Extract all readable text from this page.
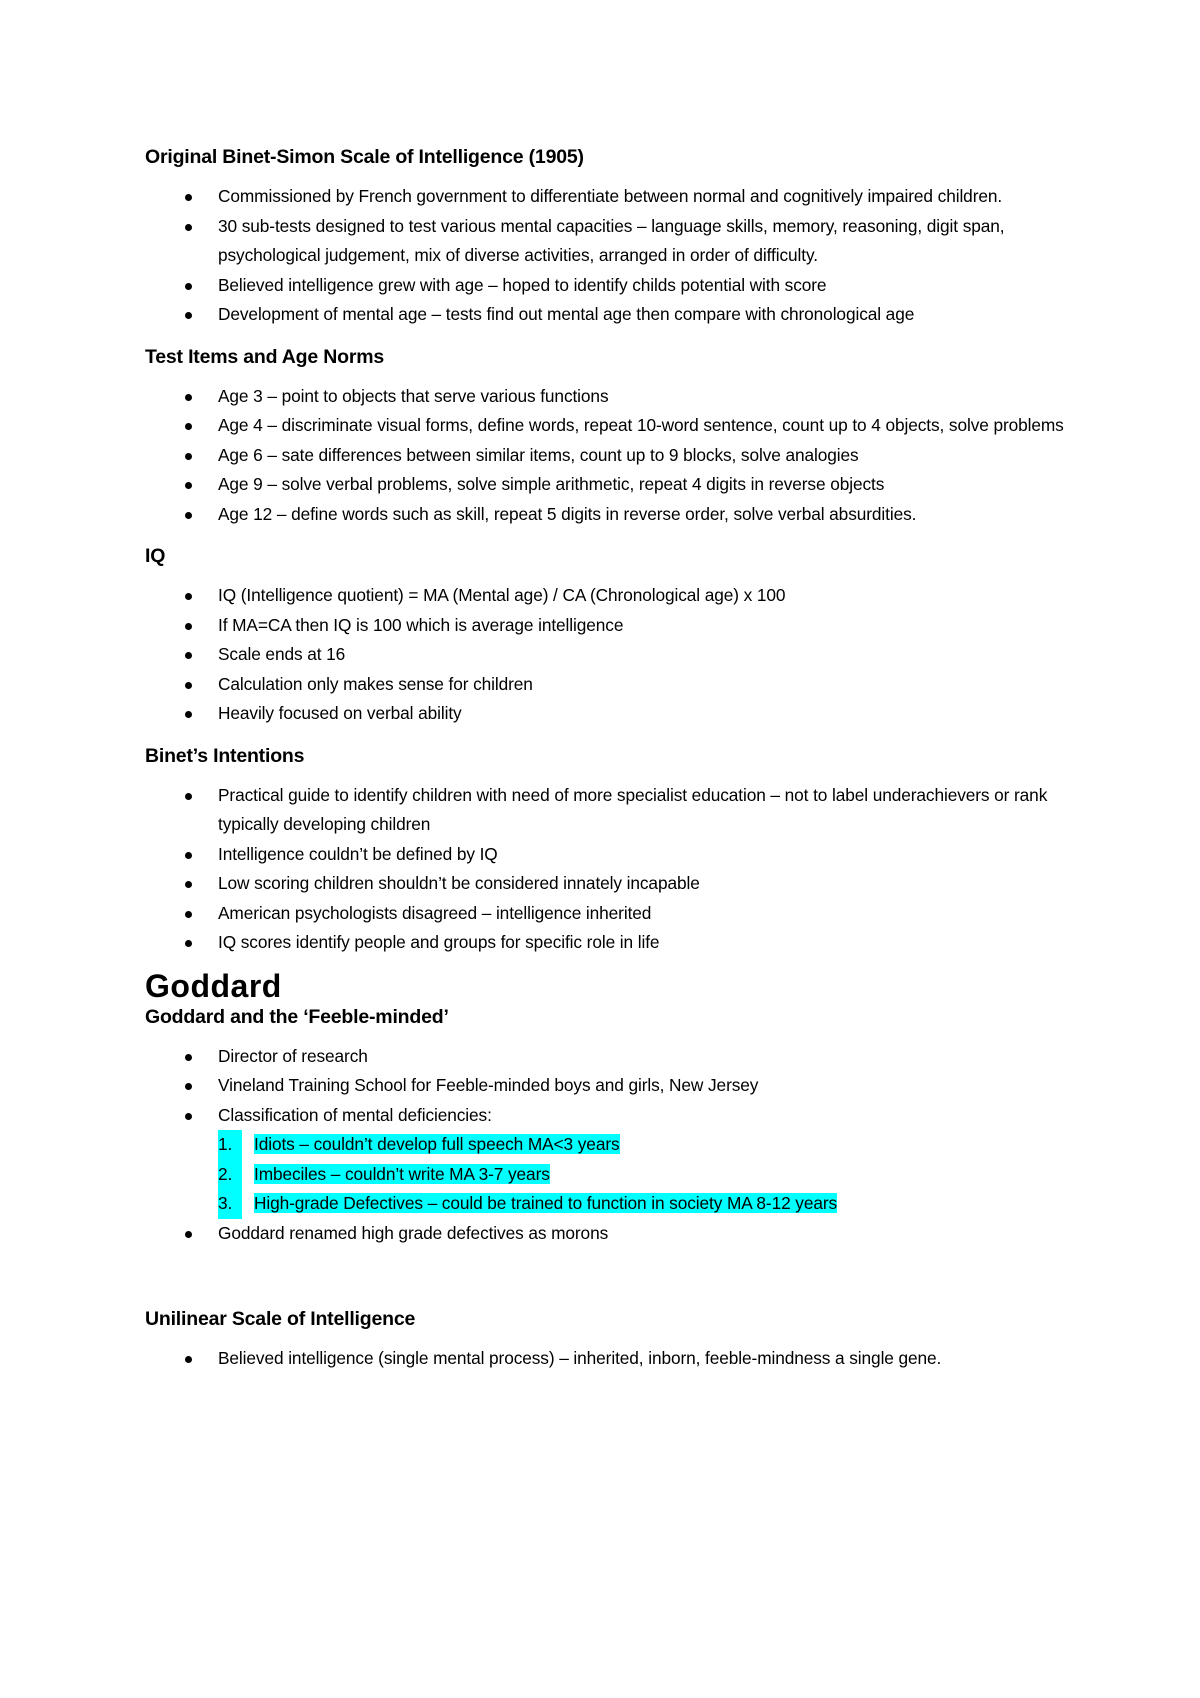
Original Binet-Simon Scale of Intelligence (1905)
Commissioned by French government to differentiate between normal and cognitively impaired children.
30 sub-tests designed to test various mental capacities – language skills, memory, reasoning, digit span, psychological judgement, mix of diverse activities, arranged in order of difficulty.
Believed intelligence grew with age – hoped to identify childs potential with score
Development of mental age – tests find out mental age then compare with chronological age
Test Items and Age Norms
Age 3 – point to objects that serve various functions
Age 4 – discriminate visual forms, define words, repeat 10-word sentence, count up to 4 objects, solve problems
Age 6 – sate differences between similar items, count up to 9 blocks, solve analogies
Age 9 – solve verbal problems, solve simple arithmetic, repeat 4 digits in reverse objects
Age 12 – define words such as skill, repeat 5 digits in reverse order, solve verbal absurdities.
IQ
IQ (Intelligence quotient) = MA (Mental age) / CA (Chronological age) x 100
If MA=CA then IQ is 100 which is average intelligence
Scale ends at 16
Calculation only makes sense for children
Heavily focused on verbal ability
Binet’s Intentions
Practical guide to identify children with need of more specialist education – not to label underachievers or rank typically developing children
Intelligence couldn’t be defined by IQ
Low scoring children shouldn’t be considered innately incapable
American psychologists disagreed – intelligence inherited
IQ scores identify people and groups for specific role in life
Goddard
Goddard and the ‘Feeble-minded’
Director of research
Vineland Training School for Feeble-minded boys and girls, New Jersey
Classification of mental deficiencies:
1.	Idiots – couldn’t develop full speech MA<3 years
2.	Imbeciles – couldn’t write MA 3-7 years
3.	High-grade Defectives – could be trained to function in society MA 8-12 years
Goddard renamed high grade defectives as morons
Unilinear Scale of Intelligence
Believed intelligence (single mental process) – inherited, inborn, feeble-mindness a single gene.
